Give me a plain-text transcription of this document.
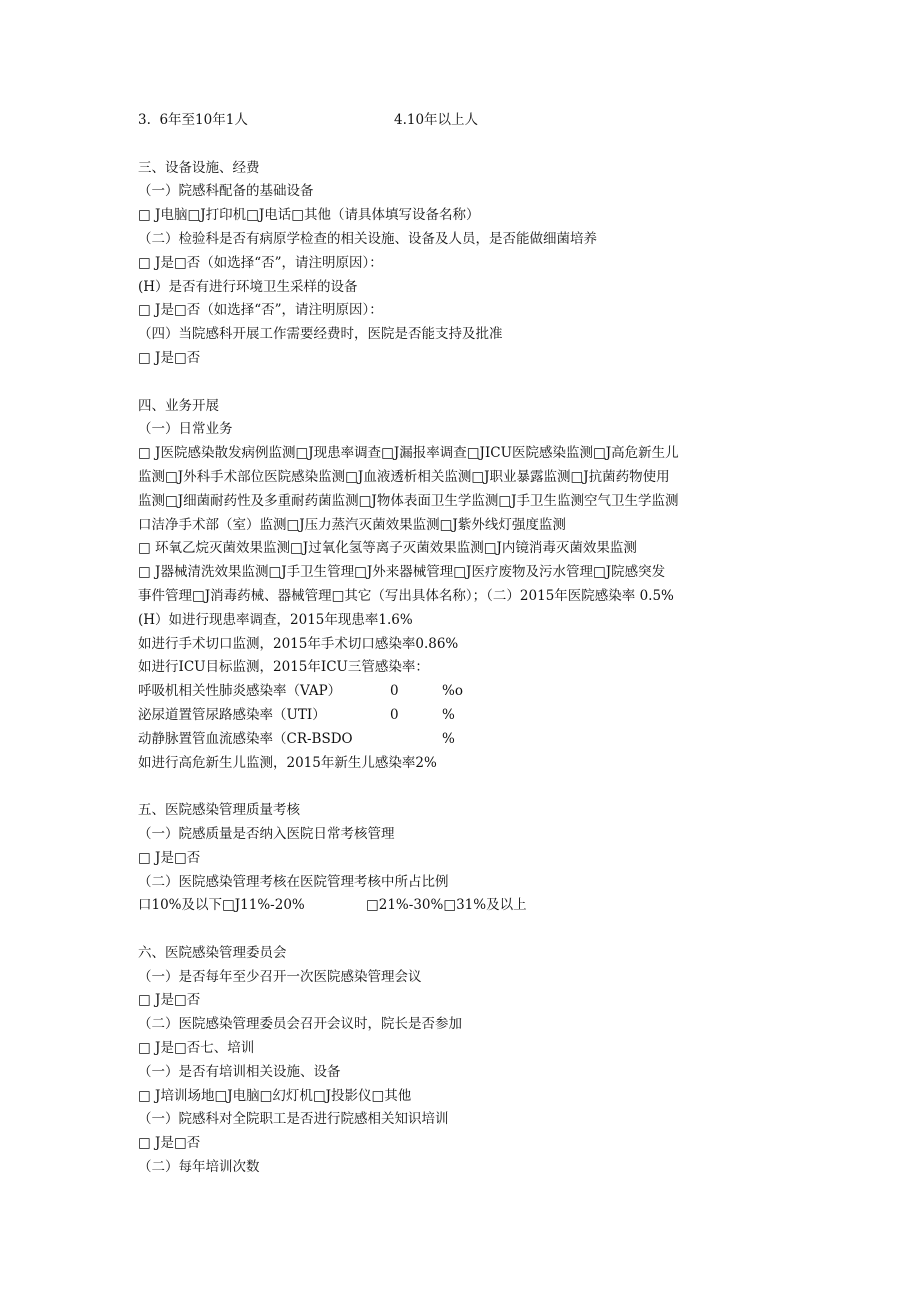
3.  6年至10年1人	4.10年以上人
三、设备设施、经费
（一）院感科配备的基础设备
□ J电脑□J打印机□J电话□其他（请具体填写设备名称）
（二）检验科是否有病原学检查的相关设施、设备及人员，是否能做细菌培养
□ J是□否（如选择“否”，请注明原因）：
(H）是否有进行环境卫生采样的设备
□ J是□否（如选择“否”，请注明原因）：
（四）当院感科开展工作需要经费时，医院是否能支持及批准
□ J是□否
四、业务开展
（一）日常业务
□ J医院感染散发病例监测□J现患率调查□J漏报率调查□JICU医院感染监测□J高危新生儿
监测□J外科手术部位医院感染监测□J血液透析相关监测□J职业暴露监测□J抗菌药物使用
监测□J细菌耐药性及多重耐药菌监测□J物体表面卫生学监测□J手卫生监测空气卫生学监测
口洁净手术部（室）监测□J压力蒸汽灭菌效果监测□J紫外线灯强度监测
□ 环氧乙烷灭菌效果监测□J过氧化氢等离子灭菌效果监测□J内镜消毒灭菌效果监测
□ J器械清洗效果监测□J手卫生管理□J外来器械管理□J医疗废物及污水管理□J院感突发
事件管理□J消毒药械、器械管理□其它（写出具体名称）；（二）2015年医院感染率 0.5%
(H）如进行现患率调查，2015年现患率1.6%
如进行手术切口监测，2015年手术切口感染率0.86%
如进行ICU目标监测，2015年ICU三管感染率：
呼吸机相关性肺炎感染率（VAP）	0	%o
泌尿道置管尿路感染率（UTI）	0	%
动静脉置管血流感染率（CR-BSDO	%
如进行高危新生儿监测，2015年新生儿感染率2%
五、医院感染管理质量考核
（一）院感质量是否纳入医院日常考核管理
□ J是□否
（二）医院感染管理考核在医院管理考核中所占比例
口10%及以下□J11%-20%	□21%-30%□31%及以上
六、医院感染管理委员会
（一）是否每年至少召开一次医院感染管理会议
□ J是□否
（二）医院感染管理委员会召开会议时，院长是否参加
□ J是□否七、培训
（一）是否有培训相关设施、设备
□ J培训场地□J电脑□幻灯机□J投影仪□其他
（一）院感科对全院职工是否进行院感相关知识培训
□ J是□否
（二）每年培训次数
